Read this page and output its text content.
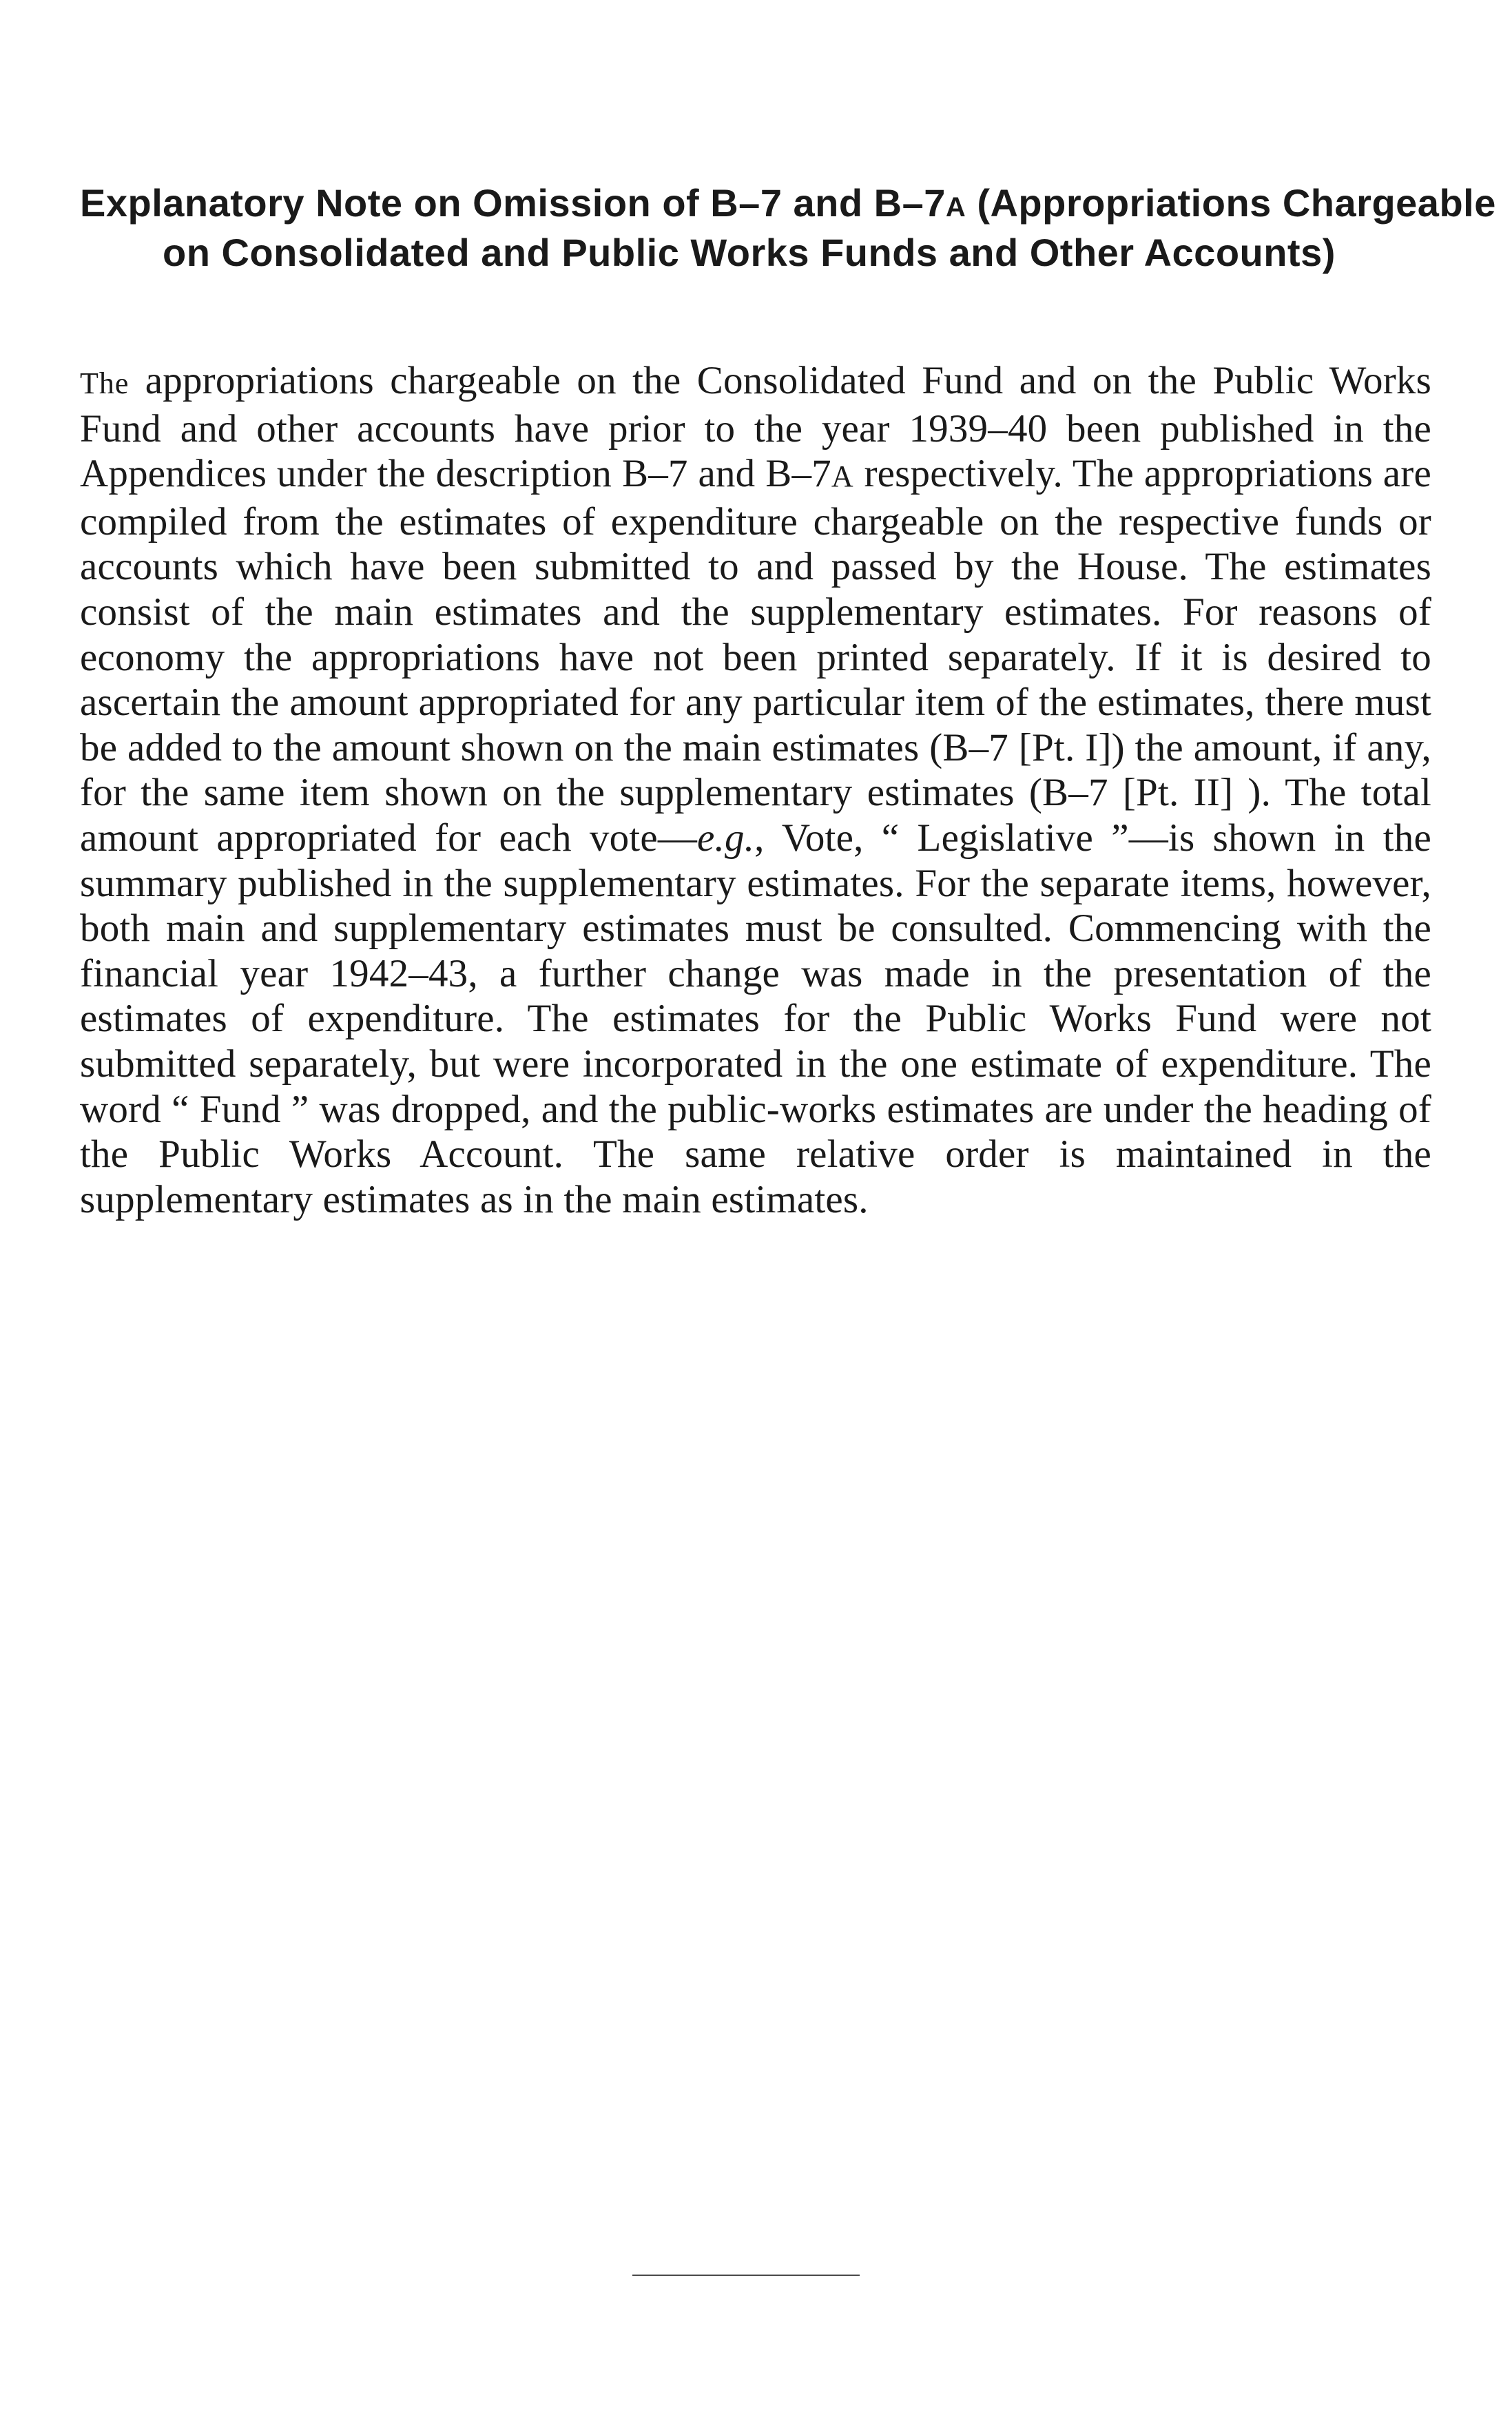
Explanatory Note on Omission of B–7 and B–7A (Appropriations Chargeable on Consolidated and Public Works Funds and Other Accounts)

The appropriations chargeable on the Consolidated Fund and on the Public Works Fund and other accounts have prior to the year 1939–40 been published in the Appendices under the description B–7 and B–7A respectively. The appropriations are compiled from the estimates of expenditure chargeable on the respective funds or accounts which have been submitted to and passed by the House. The estimates consist of the main estimates and the supplementary estimates. For reasons of economy the appropriations have not been printed separately. If it is desired to ascertain the amount appropriated for any particular item of the estimates, there must be added to the amount shown on the main estimates (B–7 [Pt. I]) the amount, if any, for the same item shown on the supplementary estimates (B–7 [Pt. II] ). The total amount appropriated for each vote—e.g., Vote, “ Legislative ”—is shown in the summary published in the supplementary estimates. For the separate items, however, both main and supplementary estimates must be consulted. Commencing with the financial year 1942–43, a further change was made in the presentation of the estimates of expenditure. The estimates for the Public Works Fund were not submitted separately, but were incorporated in the one estimate of expenditure. The word “ Fund ” was dropped, and the public-works estimates are under the heading of the Public Works Account. The same relative order is maintained in the supplementary estimates as in the main estimates.
